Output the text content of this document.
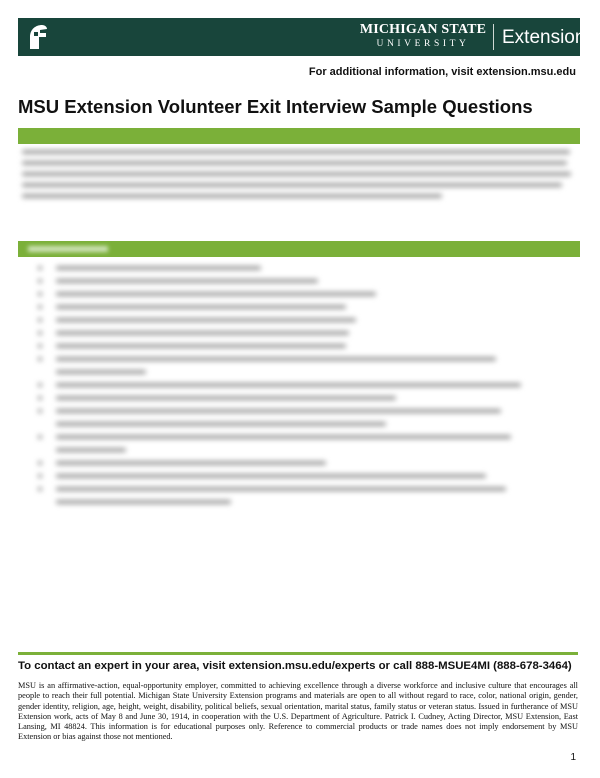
MICHIGAN STATE
UNIVERSITY	Extension
For additional information, visit extension.msu.edu
MSU Extension Volunteer Exit Interview Sample Questions

To contact an expert in your area, visit extension.msu.edu/experts or call 888-MSUE4MI (888-678-3464)

MSU is an affirmative-action, equal-opportunity employer, committed to achieving excellence through a diverse workforce and inclusive culture that encourages all people to reach their full potential. Michigan State University Extension programs and materials are open to all without regard to race, color, national origin, gender, gender identity, religion, age, height, weight, disability, political beliefs, sexual orientation, marital status, family status or veteran status. Issued in furtherance of MSU Extension work, acts of May 8 and June 30, 1914, in cooperation with the U.S. Department of Agriculture. Patrick I. Cudney, Acting Director, MSU Extension, East Lansing, MI 48824. This information is for educational purposes only. Reference to commercial products or trade names does not imply endorsement by MSU Extension or bias against those not mentioned.

1
